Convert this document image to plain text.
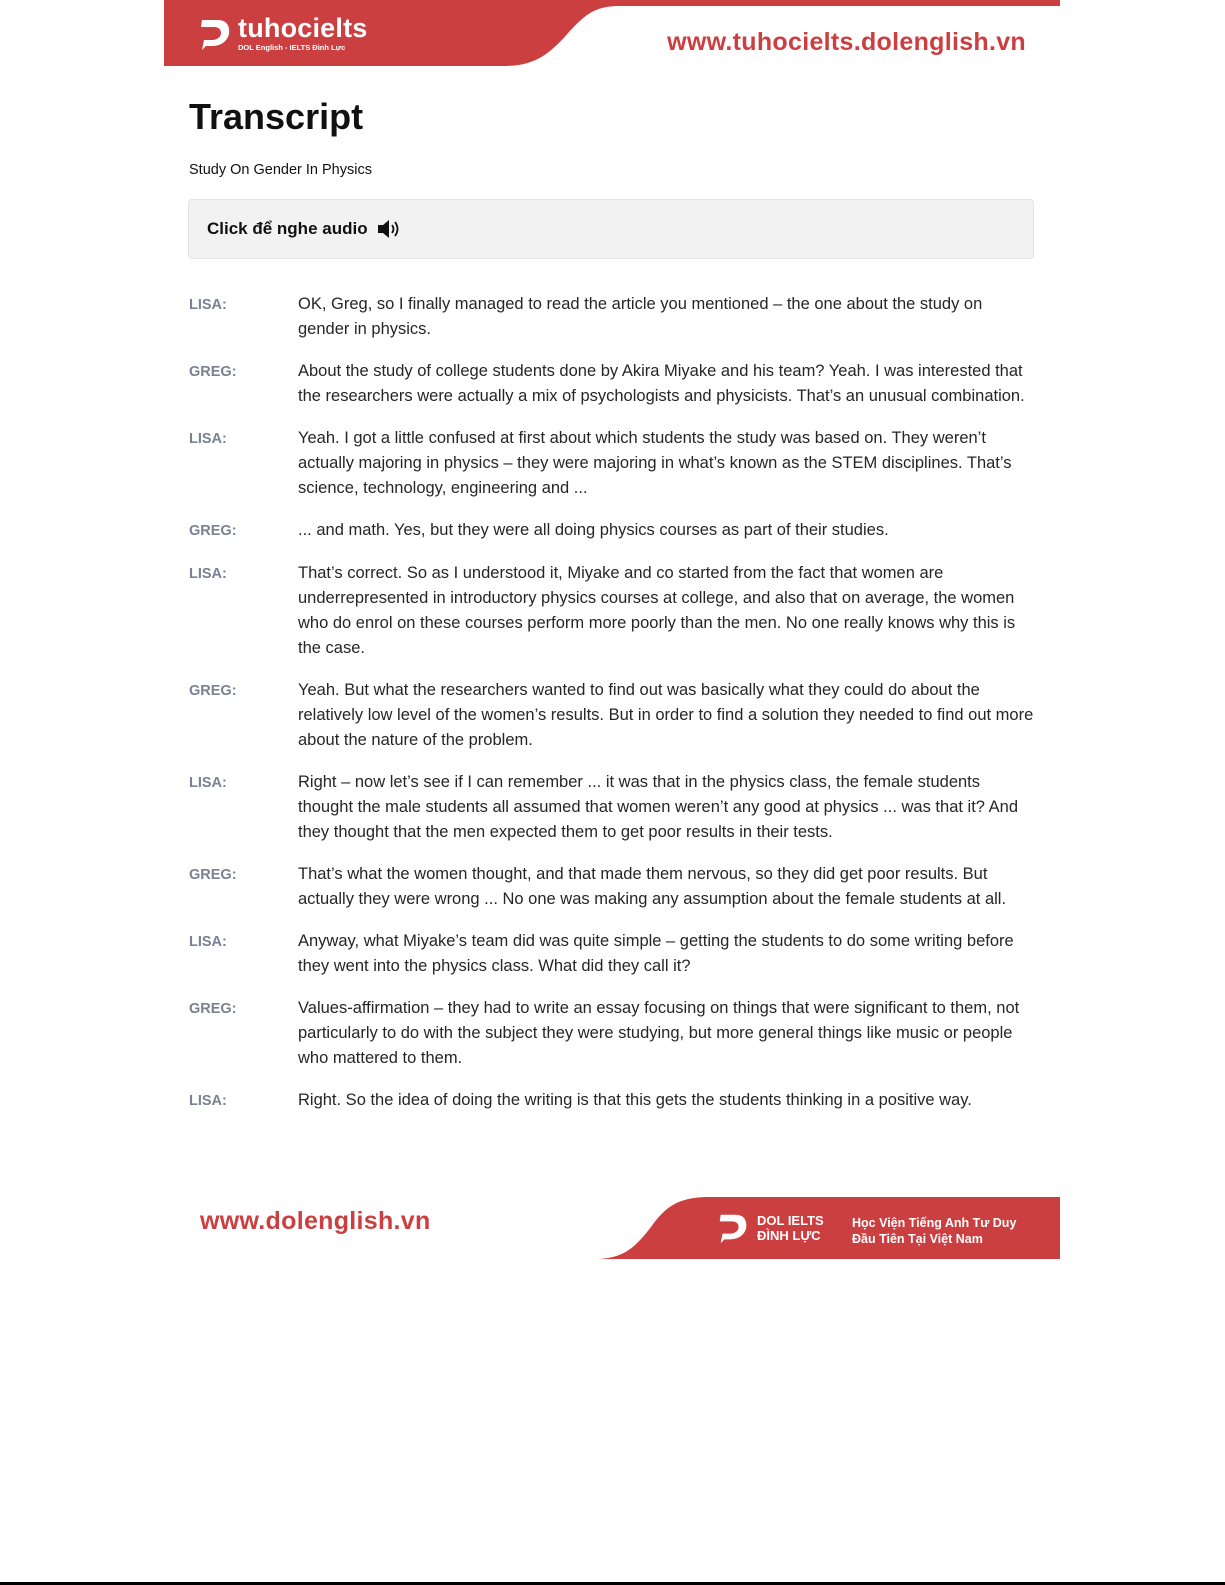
tuhocielts
DOL English - IELTS Đình Lực	www.tuhocielts.dolenglish.vn
Transcript
Study On Gender In Physics
Click để nghe audio
LISA:	OK, Greg, so I finally managed to read the article you mentioned – the one about the study on gender in physics.
GREG:	About the study of college students done by Akira Miyake and his team? Yeah. I was interested that the researchers were actually a mix of psychologists and physicists. That’s an unusual combination.
LISA:	Yeah. I got a little confused at first about which students the study was based on. They weren’t actually majoring in physics – they were majoring in what’s known as the STEM disciplines. That’s science, technology, engineering and ...
GREG:	... and math. Yes, but they were all doing physics courses as part of their studies.
LISA:	That’s correct. So as I understood it, Miyake and co started from the fact that women are underrepresented in introductory physics courses at college, and also that on average, the women who do enrol on these courses perform more poorly than the men. No one really knows why this is the case.
GREG:	Yeah. But what the researchers wanted to find out was basically what they could do about the relatively low level of the women’s results. But in order to find a solution they needed to find out more about the nature of the problem.
LISA:	Right – now let’s see if I can remember ... it was that in the physics class, the female students thought the male students all assumed that women weren’t any good at physics ... was that it? And they thought that the men expected them to get poor results in their tests.
GREG:	That’s what the women thought, and that made them nervous, so they did get poor results. But actually they were wrong ... No one was making any assumption about the female students at all.
LISA:	Anyway, what Miyake’s team did was quite simple – getting the students to do some writing before they went into the physics class. What did they call it?
GREG:	Values-affirmation – they had to write an essay focusing on things that were significant to them, not particularly to do with the subject they were studying, but more general things like music or people who mattered to them.
LISA:	Right. So the idea of doing the writing is that this gets the students thinking in a positive way.
www.dolenglish.vn	DOL IELTS
ĐÌNH LỰC
Học Viện Tiếng Anh Tư Duy
Đầu Tiên Tại Việt Nam
